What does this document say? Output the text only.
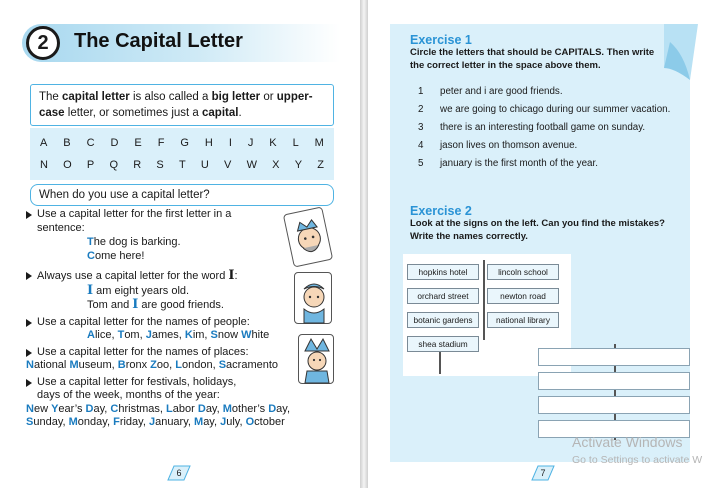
2	The Capital Letter
The capital letter is also called a big letter or upper-
case letter, or sometimes just a capital.
A B C D E F G H I J K L M
N O P Q R S T U V W X Y Z
When do you use a capital letter?
Use a capital letter for the first letter in a
sentence:
The dog is barking.
Come here!
Always use a capital letter for the word I:
I am eight years old.
Tom and I are good friends.
Use a capital letter for the names of people:
Alice, Tom, James, Kim, Snow White
Use a capital letter for the names of places:
National Museum, Bronx Zoo, London, Sacramento
Use a capital letter for festivals, holidays,
days of the week, months of the year:
New Year’s Day, Christmas, Labor Day, Mother’s Day,
Sunday, Monday, Friday, January, May, July, October
6
Exercise 1
Circle the letters that should be CAPITALS. Then write the correct letter in the space above them.
1 peter and i are good friends.
2 we are going to chicago during our summer vacation.
3 there is an interesting football game on sunday.
4 jason lives on thomson avenue.
5 january is the first month of the year.
Exercise 2
Look at the signs on the left. Can you find the mistakes? Write the names correctly.
hopkins hotel	lincoln school
orchard street	newton road
botanic gardens	national library
shea stadium
7
Activate Windows
Go to Settings to activate W
